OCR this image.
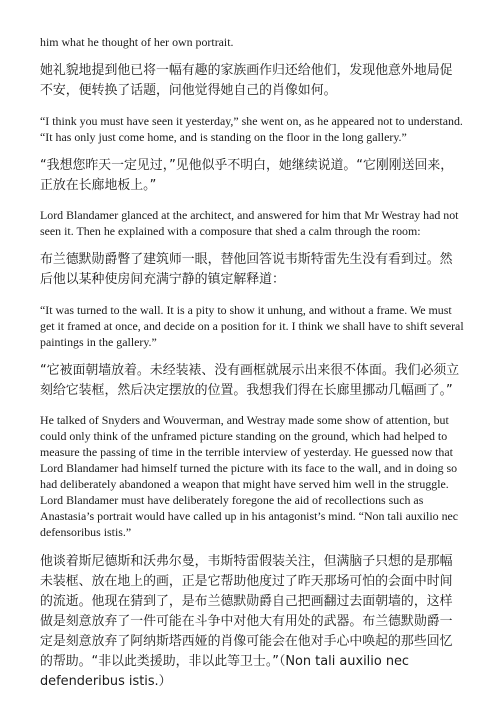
him what he thought of her own portrait.

她礼貌地提到他已将一幅有趣的家族画作归还给他们，发现他意外地局促不安，便转换了话题，问他觉得她自己的肖像如何。

“I think you must have seen it yesterday,” she went on, as he appeared not to understand. “It has only just come home, and is standing on the floor in the long gallery.”

“我想您昨天一定见过，”见他似乎不明白，她继续说道。“它刚刚送回来，正放在长廊地板上。”

Lord Blandamer glanced at the architect, and answered for him that Mr Westray had not seen it. Then he explained with a composure that shed a calm through the room:

布兰德默勋爵瞥了建筑师一眼，替他回答说韦斯特雷先生没有看到过。然后他以某种使房间充满宁静的镇定解释道：

“It was turned to the wall. It is a pity to show it unhung, and without a frame. We must get it framed at once, and decide on a position for it. I think we shall have to shift several paintings in the gallery.”

“它被面朝墙放着。未经装裱、没有画框就展示出来很不体面。我们必须立刻给它装框，然后决定摆放的位置。我想我们得在长廊里挪动几幅画了。”

He talked of Snyders and Wouverman, and Westray made some show of attention, but could only think of the unframed picture standing on the ground, which had helped to measure the passing of time in the terrible interview of yesterday. He guessed now that Lord Blandamer had himself turned the picture with its face to the wall, and in doing so had deliberately abandoned a weapon that might have served him well in the struggle. Lord Blandamer must have deliberately foregone the aid of recollections such as Anastasia’s portrait would have called up in his antagonist’s mind. “Non tali auxilio nec defensoribus istis.”

他谈着斯尼德斯和沃弗尔曼，韦斯特雷假装关注，但满脑子只想的是那幅未装框、放在地上的画，正是它帮助他度过了昨天那场可怕的会面中时间的流逝。他现在猜到了，是布兰德默勋爵自己把画翻过去面朝墙的，这样做是刻意放弃了一件可能在斗争中对他大有用处的武器。布兰德默勋爵一定是刻意放弃了阿纳斯塔西娅的肖像可能会在他对手心中唤起的那些回忆的帮助。“非以此类援助，非以此等卫士。”（Non tali auxilio nec defenderibus istis.）
